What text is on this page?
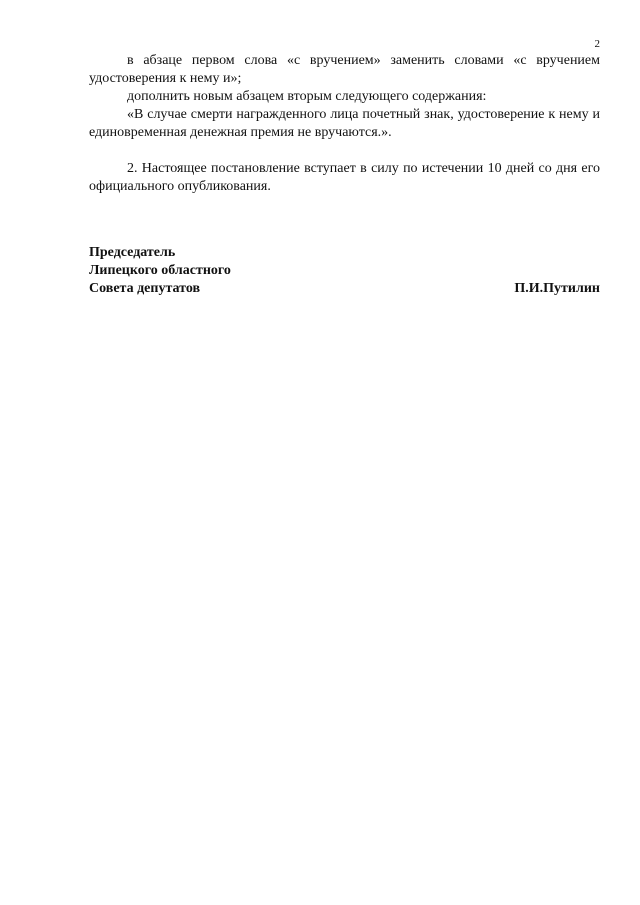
2

в абзаце первом слова «с вручением» заменить словами «с вручением удостоверения к нему и»;

дополнить новым абзацем вторым следующего содержания:

«В случае смерти награжденного лица почетный знак, удостоверение к нему и единовременная денежная премия не вручаются.».

2. Настоящее постановление вступает в силу по истечении 10 дней со дня его официального опубликования.

Председатель
Липецкого областного
Совета депутатов	П.И.Путилин
